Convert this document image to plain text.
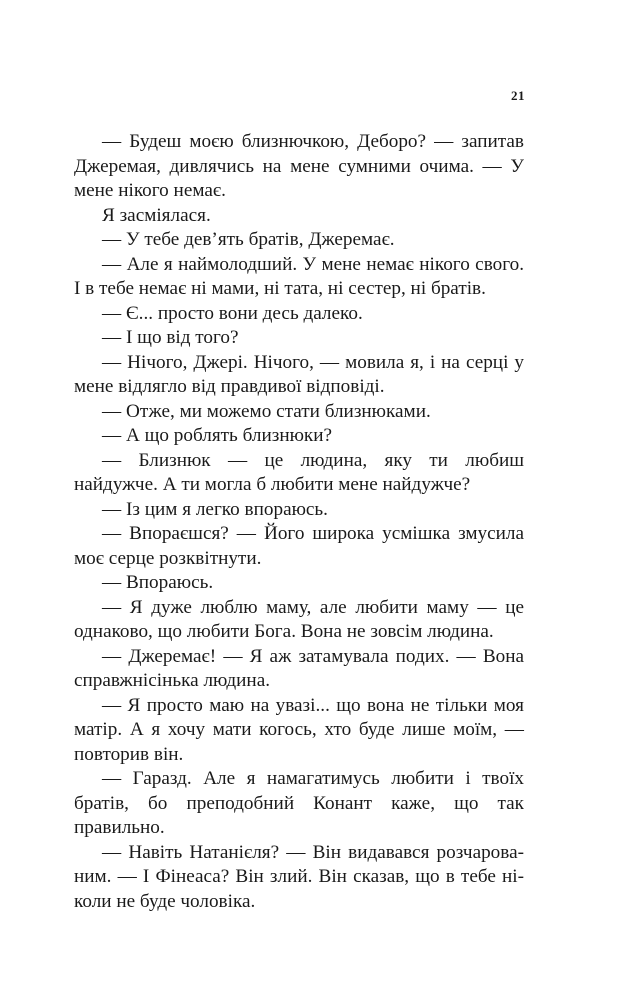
21

— Будеш моєю близнючкою, Деборо? — запитав Джеремая, дивлячись на мене сумними очима. — У мене нікого немає.

Я засміялася.

— У тебе дев’ять братів, Джеремає.

— Але я наймолодший. У мене немає нікого свого. І в тебе немає ні мами, ні тата, ні сестер, ні братів.

— Є... просто вони десь далеко.

— І що від того?

— Нічого, Джері. Нічого, — мовила я, і на серці у мене відлягло від правдивої відповіді.

— Отже, ми можемо стати близнюками.

— А що роблять близнюки?

— Близнюк — це людина, яку ти любиш найдужче. А ти могла б любити мене найдужче?

— Із цим я легко впораюсь.

— Впораєшся? — Його широка усмішка змусила моє серце розквітнути.

— Впораюсь.

— Я дуже люблю маму, але любити маму — це однаково, що любити Бога. Вона не зовсім людина.

— Джеремає! — Я аж затамувала подих. — Вона справжнісінька людина.

— Я просто маю на увазі... що вона не тільки моя матір. А я хочу мати когось, хто буде лише моїм, — повторив він.

— Гаразд. Але я намагатимусь любити і твоїх братів, бо преподобний Конант каже, що так правильно.

— Навіть Натанієля? — Він видавався розчарованим. — І Фінеаса? Він злий. Він сказав, що в тебе ніколи не буде чоловіка.
